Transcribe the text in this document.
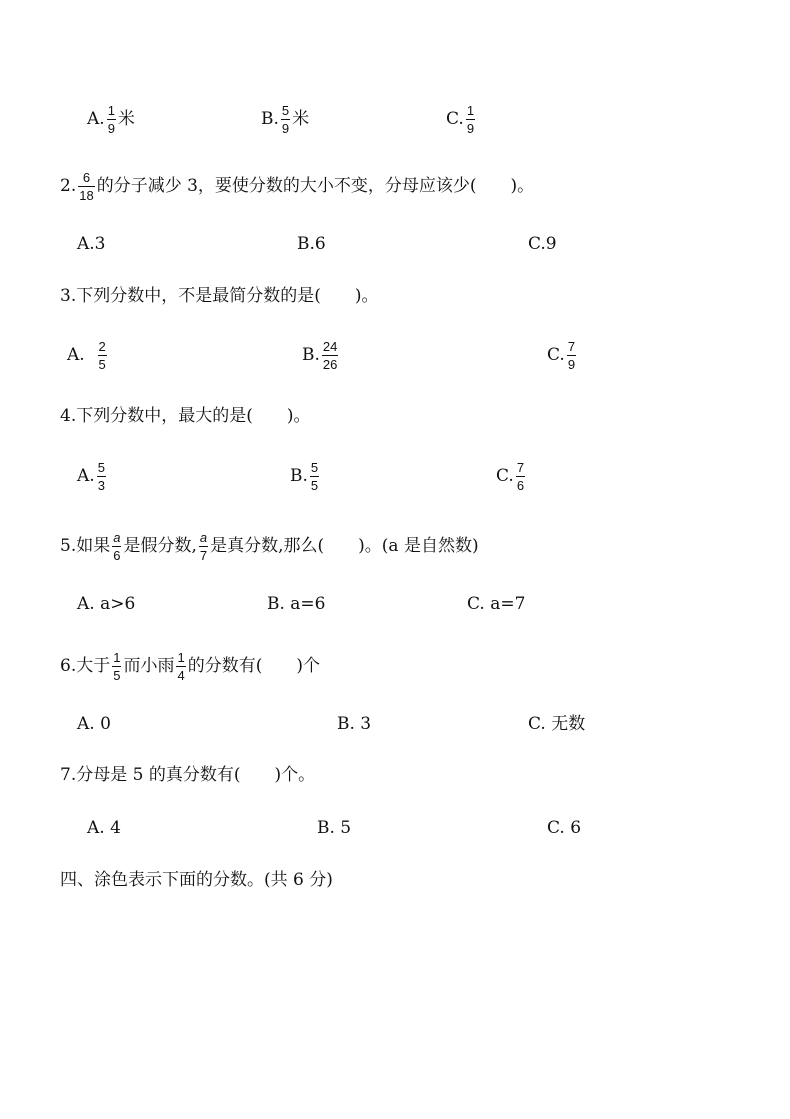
A. $\frac{1}{9}$ 米	B. $\frac{5}{9}$ 米	C. $\frac{1}{9}$
2. $\frac{6}{18}$ 的分子减少 3，要使分数的大小不变，分母应该少(　　)。
A.3	B.6	C.9
3.下列分数中，不是最简分数的是(　　)。
A. $\frac{2}{5}$	B. $\frac{24}{26}$	C. $\frac{7}{9}$
4.下列分数中，最大的是(　　)。
A. $\frac{5}{3}$	B. $\frac{5}{5}$	C. $\frac{7}{6}$
5.如果 $\frac{a}{6}$ 是假分数, $\frac{a}{7}$ 是真分数,那么(　　)。(a 是自然数)
A. a>6	B. a=6	C. a=7
6.大于 $\frac{1}{5}$ 而小雨 $\frac{1}{4}$ 的分数有(　　)个
A. 0	B. 3	C. 无数
7.分母是 5 的真分数有(　　)个。
A. 4	B. 5	C. 6
四、涂色表示下面的分数。(共 6 分)
